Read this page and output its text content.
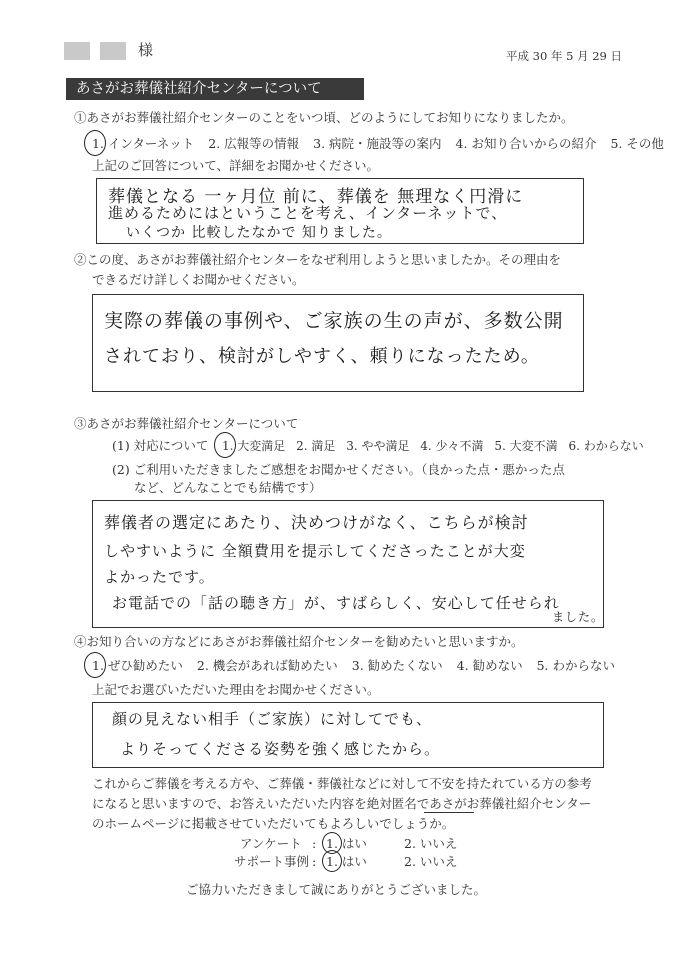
様	平成 30 年 5 月 29 日
あさがお葬儀社紹介センターについて
①あさがお葬儀社紹介センターのことをいつ頃、どのようにしてお知りになりましたか。
1. インターネット 2. 広報等の情報 3. 病院・施設等の案内 4. お知り合いからの紹介 5. その他
上記のご回答について、詳細をお聞かせください。
葬儀となる 一ヶ月位 前に、葬儀を 無理なく円滑に
進めるためにはということを考え、インターネットで、
いくつか 比較したなかで 知りました。
②この度、あさがお葬儀社紹介センターをなぜ利用しようと思いましたか。その理由を
できるだけ詳しくお聞かせください。
実際の葬儀の事例や、ご家族の生の声が、多数公開
されており、検討がしやすく、頼りになったため。
③あさがお葬儀社紹介センターについて
(1) 対応について 1. 大変満足 2. 満足 3. やや満足 4. 少々不満 5. 大変不満 6. わからない
(2) ご利用いただきましたご感想をお聞かせください。（良かった点・悪かった点
など、どんなことでも結構です）
葬儀者の選定にあたり、決めつけがなく、こちらが検討
しやすいように 全額費用を提示してくださったことが大変
よかったです。
お電話での「話の聴き方」が、すばらしく、安心して任せられ
ました。
④お知り合いの方などにあさがお葬儀社紹介センターを勧めたいと思いますか。
1. ぜひ勧めたい 2. 機会があれば勧めたい 3. 勧めたくない 4. 勧めない 5. わからない
上記でお選びいただいた理由をお聞かせください。
顔の見えない相手（ご家族）に対してでも、
よりそってくださる姿勢を強く感じたから。
これからご葬儀を考える方や、ご葬儀・葬儀社などに対して不安を持たれている方の参考
になると思いますので、お答えいただいた内容を絶対匿名であさがお葬儀社紹介センター
のホームページに掲載させていただいてもよろしいでしょうか。
アンケート : 1. はい	2. いいえ
サポート事例 : 1. はい	2. いいえ
ご協力いただきまして誠にありがとうございました。
